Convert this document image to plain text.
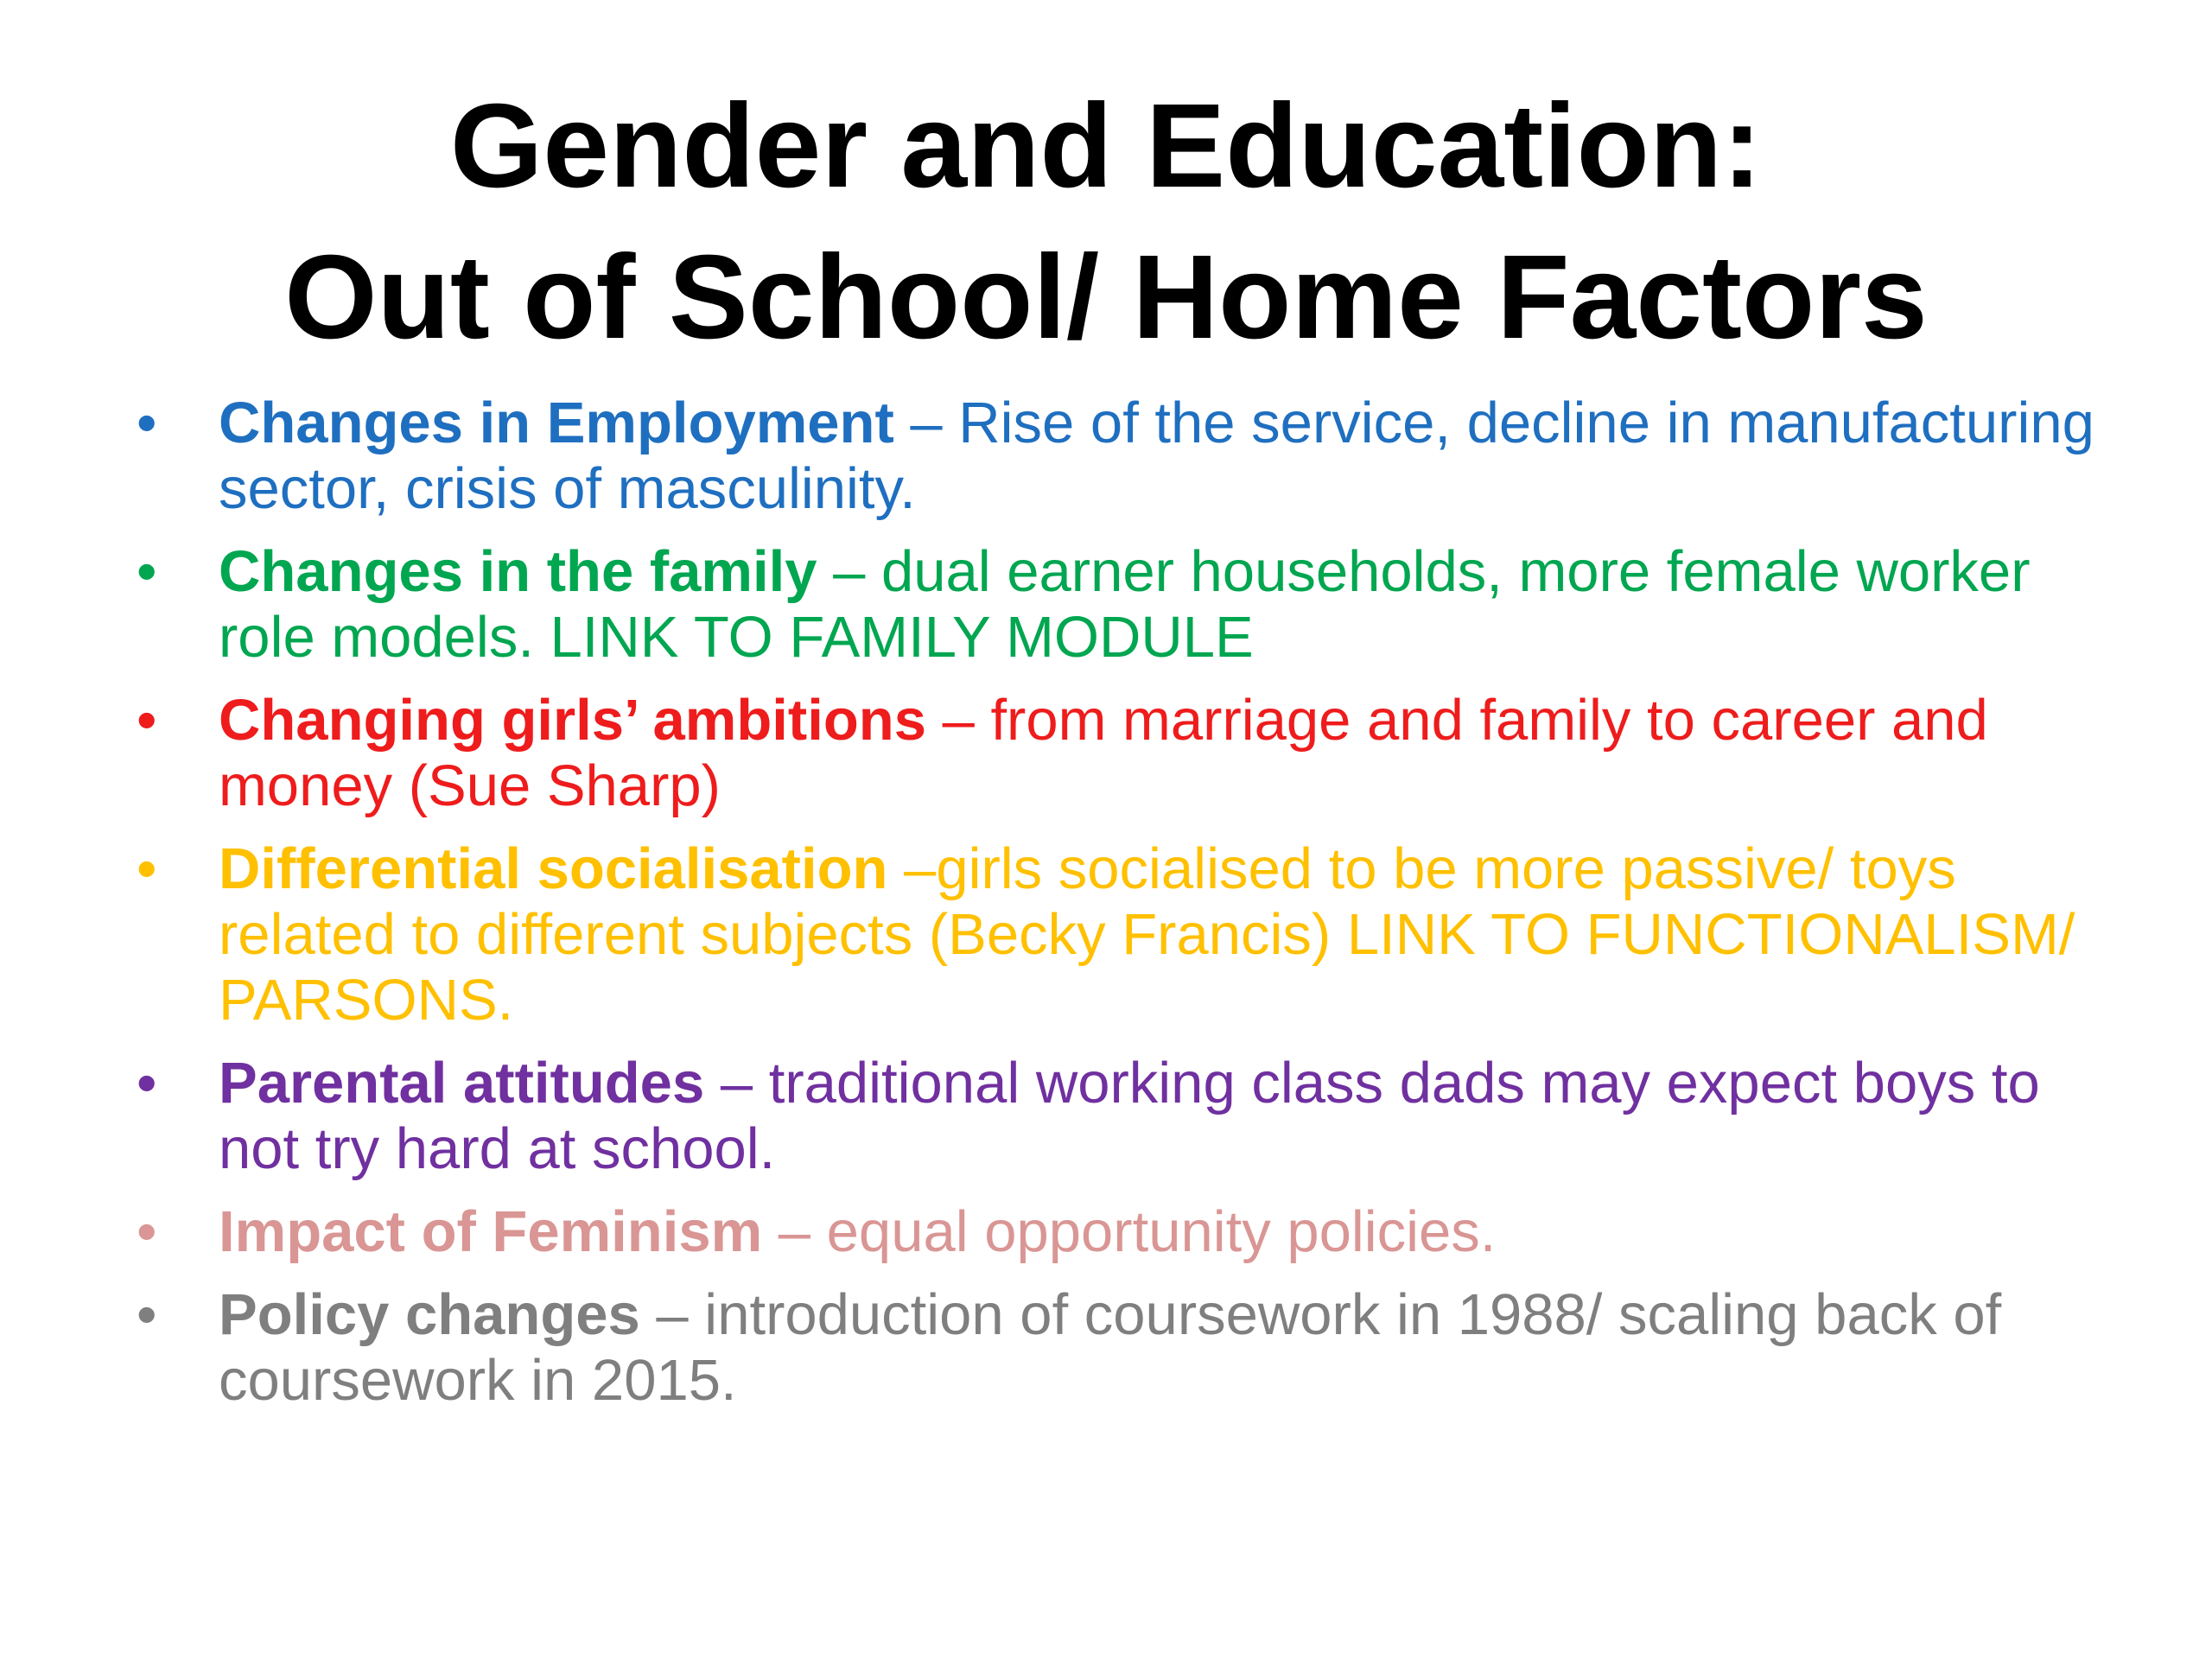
Gender and Education:
Out of School/ Home Factors
• Changes in Employment – Rise of the service, decline in manufacturing sector, crisis of masculinity.
• Changes in the family – dual earner households, more female worker role models. LINK TO FAMILY MODULE
• Changing girls’ ambitions – from marriage and family to career and money (Sue Sharp)
• Differential socialisation –girls socialised to be more passive/ toys related to different subjects (Becky Francis) LINK TO FUNCTIONALISM/ PARSONS.
• Parental attitudes – traditional working class dads may expect boys to not try hard at school.
• Impact of Feminism – equal opportunity policies.
• Policy changes – introduction of coursework in 1988/ scaling back of coursework in 2015.
